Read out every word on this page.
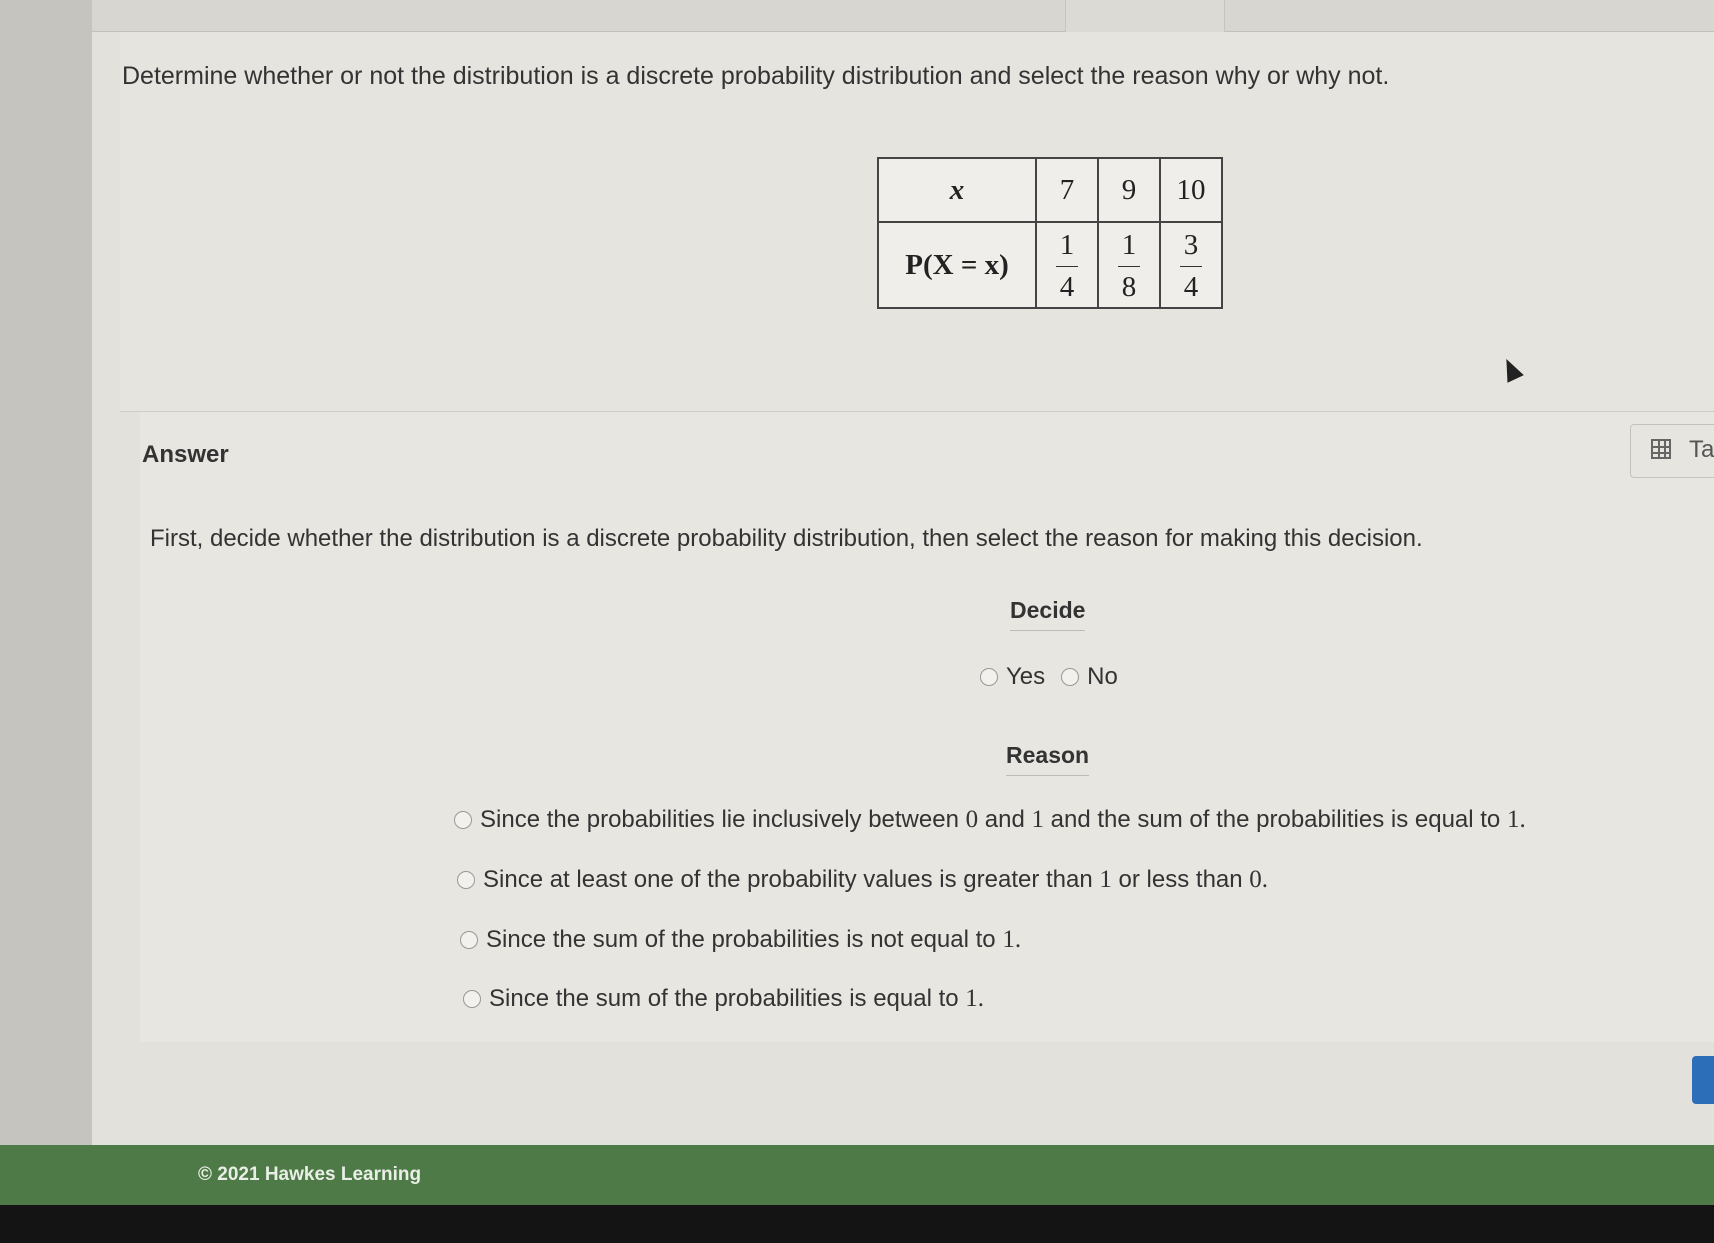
Determine whether or not the distribution is a discrete probability distribution and select the reason why or why not.
x	7	9	10
P(X = x)	$\frac{1}{4}$	$\frac{1}{8}$	$\frac{3}{4}$
Answer	Ta
First, decide whether the distribution is a discrete probability distribution, then select the reason for making this decision.
Decide
Yes No
Reason
Since the probabilities lie inclusively between 0 and 1 and the sum of the probabilities is equal to 1.
Since at least one of the probability values is greater than 1 or less than 0.
Since the sum of the probabilities is not equal to 1.
Since the sum of the probabilities is equal to 1.
© 2021 Hawkes Learning
